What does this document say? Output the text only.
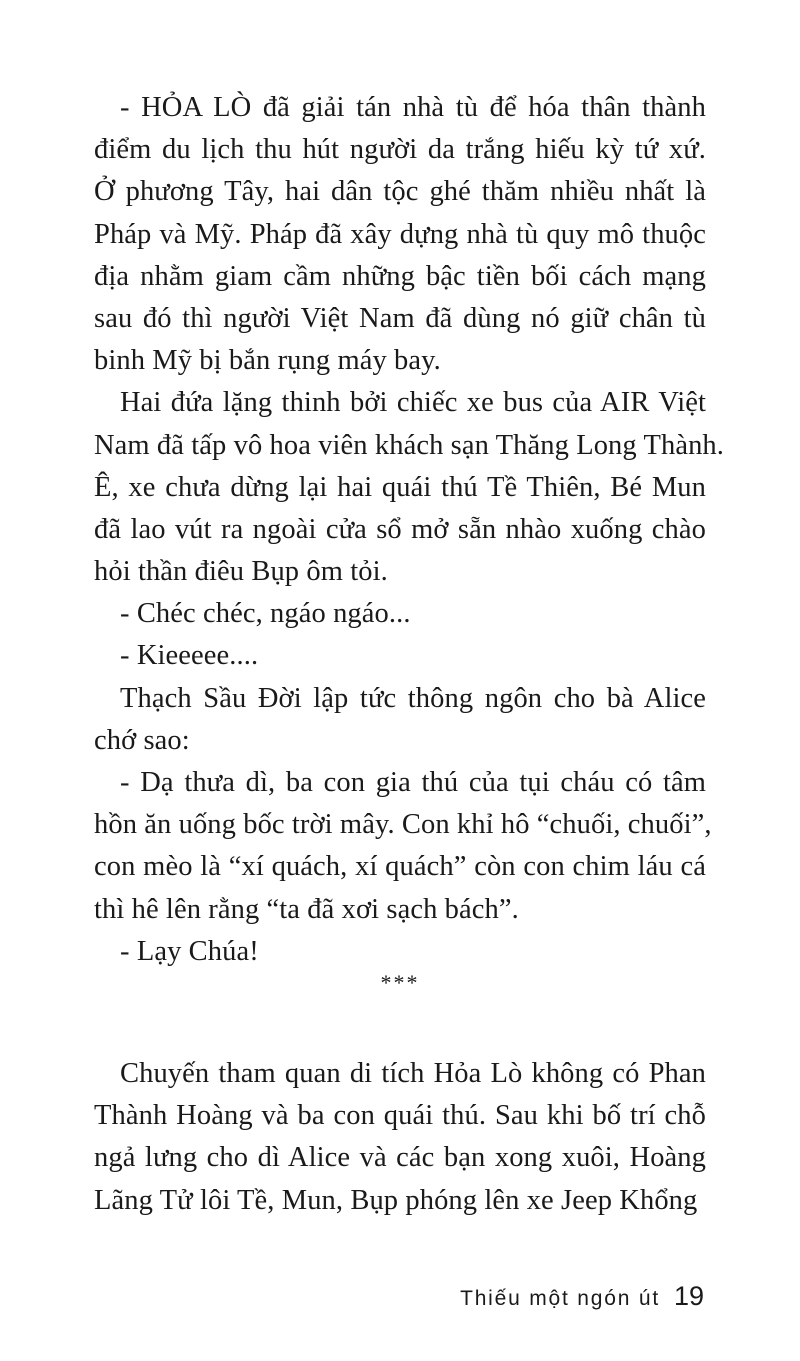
- HỎA LÒ đã giải tán nhà tù để hóa thân thành
điểm du lịch thu hút người da trắng hiếu kỳ tứ xứ.
Ở phương Tây, hai dân tộc ghé thăm nhiều nhất là
Pháp và Mỹ. Pháp đã xây dựng nhà tù quy mô thuộc
địa nhằm giam cầm những bậc tiền bối cách mạng
sau đó thì người Việt Nam đã dùng nó giữ chân tù
binh Mỹ bị bắn rụng máy bay.
Hai đứa lặng thinh bởi chiếc xe bus của AIR Việt
Nam đã tấp vô hoa viên khách sạn Thăng Long Thành.
Ê, xe chưa dừng lại hai quái thú Tề Thiên, Bé Mun
đã lao vút ra ngoài cửa sổ mở sẵn nhào xuống chào
hỏi thần điêu Bụp ôm tỏi.
- Chéc chéc, ngáo ngáo...
- Kieeeee....
Thạch Sầu Đời lập tức thông ngôn cho bà Alice
chớ sao:
- Dạ thưa dì, ba con gia thú của tụi cháu có tâm
hồn ăn uống bốc trời mây. Con khỉ hô “chuối, chuối”,
con mèo là “xí quách, xí quách” còn con chim láu cá
thì hê lên rằng “ta đã xơi sạch bách”.
- Lạy Chúa!
***
Chuyến tham quan di tích Hỏa Lò không có Phan
Thành Hoàng và ba con quái thú. Sau khi bố trí chỗ
ngả lưng cho dì Alice và các bạn xong xuôi, Hoàng
Lãng Tử lôi Tề, Mun, Bụp phóng lên xe Jeep Khổng
Thiếu một ngón út 19
